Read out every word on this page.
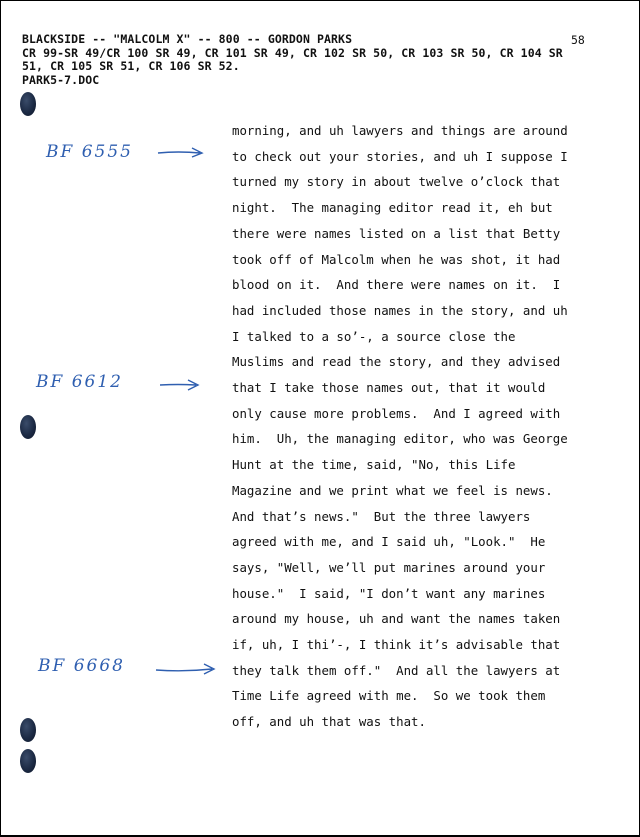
BLACKSIDE -- "MALCOLM X" -- 800 -- GORDON PARKS
CR 99-SR 49/CR 100 SR 49, CR 101 SR 49, CR 102 SR 50, CR 103 SR 50, CR 104 SR
51, CR 105 SR 51, CR 106 SR 52.
PARK5-7.DOC
58
BF 6555
BF 6612
BF 6668
morning, and uh lawyers and things are around
to check out your stories, and uh I suppose I
turned my story in about twelve o’clock that
night.  The managing editor read it, eh but
there were names listed on a list that Betty
took off of Malcolm when he was shot, it had
blood on it.  And there were names on it.  I
had included those names in the story, and uh
I talked to a so’-, a source close the
Muslims and read the story, and they advised
that I take those names out, that it would
only cause more problems.  And I agreed with
him.  Uh, the managing editor, who was George
Hunt at the time, said, "No, this Life
Magazine and we print what we feel is news.
And that’s news."  But the three lawyers
agreed with me, and I said uh, "Look."  He
says, "Well, we’ll put marines around your
house."  I said, "I don’t want any marines
around my house, uh and want the names taken
if, uh, I thi’-, I think it’s advisable that
they talk them off."  And all the lawyers at
Time Life agreed with me.  So we took them
off, and uh that was that.
